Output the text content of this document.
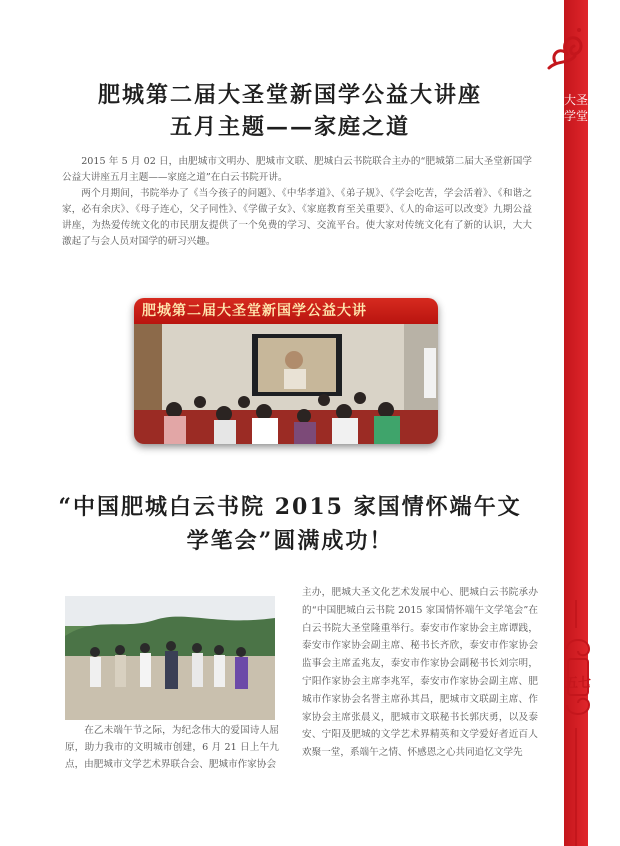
大圣学堂
五七
肥城第二届大圣堂新国学公益大讲座
五月主题——家庭之道

2015 年 5 月 02 日，由肥城市文明办、肥城市文联、肥城白云书院联合主办的“肥城第二届大圣堂新国学公益大讲座五月主题——家庭之道”在白云书院开讲。

两个月期间，书院举办了《当今孩子的问题》、《中华孝道》、《弟子规》、《学会吃苦，学会活着》、《和谐之家，必有余庆》、《母子连心，父子同性》、《学做子女》、《家庭教育至关重要》、《人的命运可以改变》九期公益讲座，为热爱传统文化的市民朋友提供了一个免费的学习、交流平台。使大家对传统文化有了新的认识，大大激起了与会人员对国学的研习兴趣。

肥城第二届大圣堂新国学公益大讲
“中国肥城白云书院 2015 家国情怀端午文
学笔会”圆满成功！

在乙未端午节之际，为纪念伟大的爱国诗人屈原，助力我市的文明城市创建，6 月 21 日上午九点，由肥城市文学艺术界联合会、肥城市作家协会

主办，肥城大圣文化艺术发展中心、肥城白云书院承办的“中国肥城白云书院 2015 家国情怀端午文学笔会”在白云书院大圣堂隆重举行。泰安市作家协会主席谭践，泰安市作家协会副主席、秘书长齐欣，泰安市作家协会监事会主席孟兆友，泰安市作家协会副秘书长刘宗明，宁阳作家协会主席李兆军，泰安市作家协会副主席、肥城市作家协会名誉主席孙其昌，肥城市文联副主席、作家协会主席张晨义，肥城市文联秘书长郭庆勇，以及泰安、宁阳及肥城的文学艺术界精英和文学爱好者近百人欢聚一堂，系端午之情、怀感恩之心共同追忆文学先
